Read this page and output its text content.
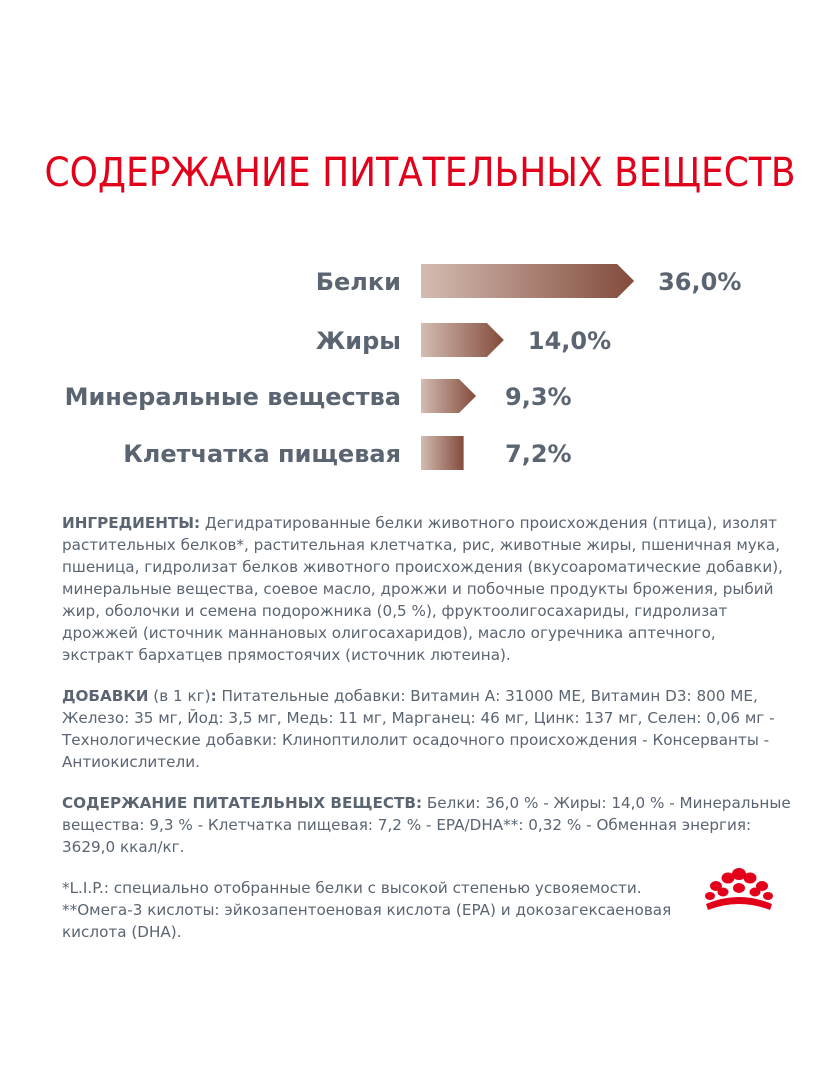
СОДЕРЖАНИЕ ПИТАТЕЛЬНЫХ ВЕЩЕСТВ
Белки	36,0%
Жиры	14,0%
Минеральные вещества	9,3%
Клетчатка пищевая	7,2%

ИНГРЕДИЕНТЫ: Дегидратированные белки животного происхождения (птица), изолят растительных белков*, растительная клетчатка, рис, животные жиры, пшеничная мука, пшеница, гидролизат белков животного происхождения (вкусоароматические добавки), минеральные вещества, соевое масло, дрожжи и побочные продукты брожения, рыбий жир, оболочки и семена подорожника (0,5 %), фруктоолигосахариды, гидролизат дрожжей (источник маннановых олигосахаридов), масло огуречника аптечного, экстракт бархатцев прямостоячих (источник лютеина).

ДОБАВКИ (в 1 кг): Питательные добавки: Витамин А: 31000 МЕ, Витамин D3: 800 МЕ, Железо: 35 мг, Йод: 3,5 мг, Медь: 11 мг, Марганец: 46 мг, Цинк: 137 мг, Селен: 0,06 мг - Технологические добавки: Клиноптилолит осадочного происхождения - Консерванты - Антиокислители.

СОДЕРЖАНИЕ ПИТАТЕЛЬНЫХ ВЕЩЕСТВ: Белки: 36,0 % - Жиры: 14,0 % - Минеральные вещества: 9,3 % - Клетчатка пищевая: 7,2 % - EPA/DHA**: 0,32 % - Обменная энергия: 3629,0 ккал/кг.

*L.I.P.: специально отобранные белки с высокой степенью усвояемости.

**Омега-3 кислоты: эйкозапентоеновая кислота (EPA) и докозагексаеновая кислота (DHA).
